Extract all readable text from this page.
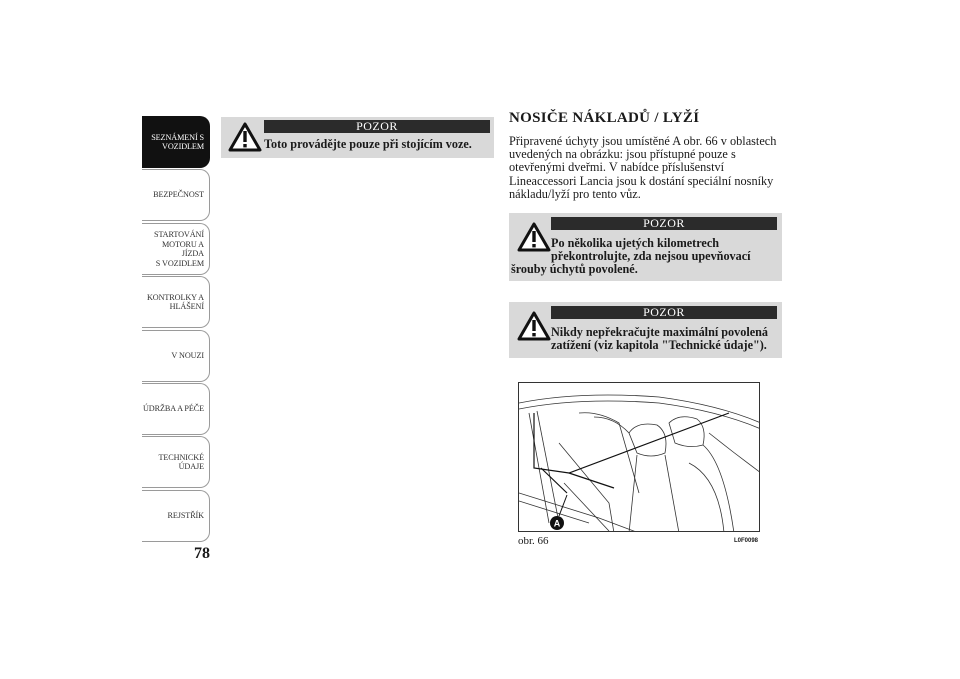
SEZNÁMENÍ S
VOZIDLEM
BEZPEČNOST
STARTOVÁNÍ
MOTORU A JÍZDA
S VOZIDLEM
KONTROLKY A
HLÁŠENÍ
V NOUZI
ÚDRŽBA A PÉČE
TECHNICKÉ
ÚDAJE
REJSTŘÍK
78
POZOR
Toto provádějte pouze při stojícím voze.
NOSIČE NÁKLADŮ / LYŽÍ
Připravené úchyty jsou umístěné A obr. 66 v oblastech uvedených na obrázku: jsou přístupné pouze s otevřenými dveřmi. V nabídce příslušenství Lineaccessori Lancia jsou k dostání speciální nosníky nákladu/lyží pro tento vůz.
POZOR
Po několika ujetých kilometrech
překontrolujte, zda nejsou upevňovací
šrouby úchytů povolené.
POZOR
Nikdy nepřekračujte maximální povolená
zatížení (viz kapitola "Technické údaje").
A
obr. 66	L0F0098
